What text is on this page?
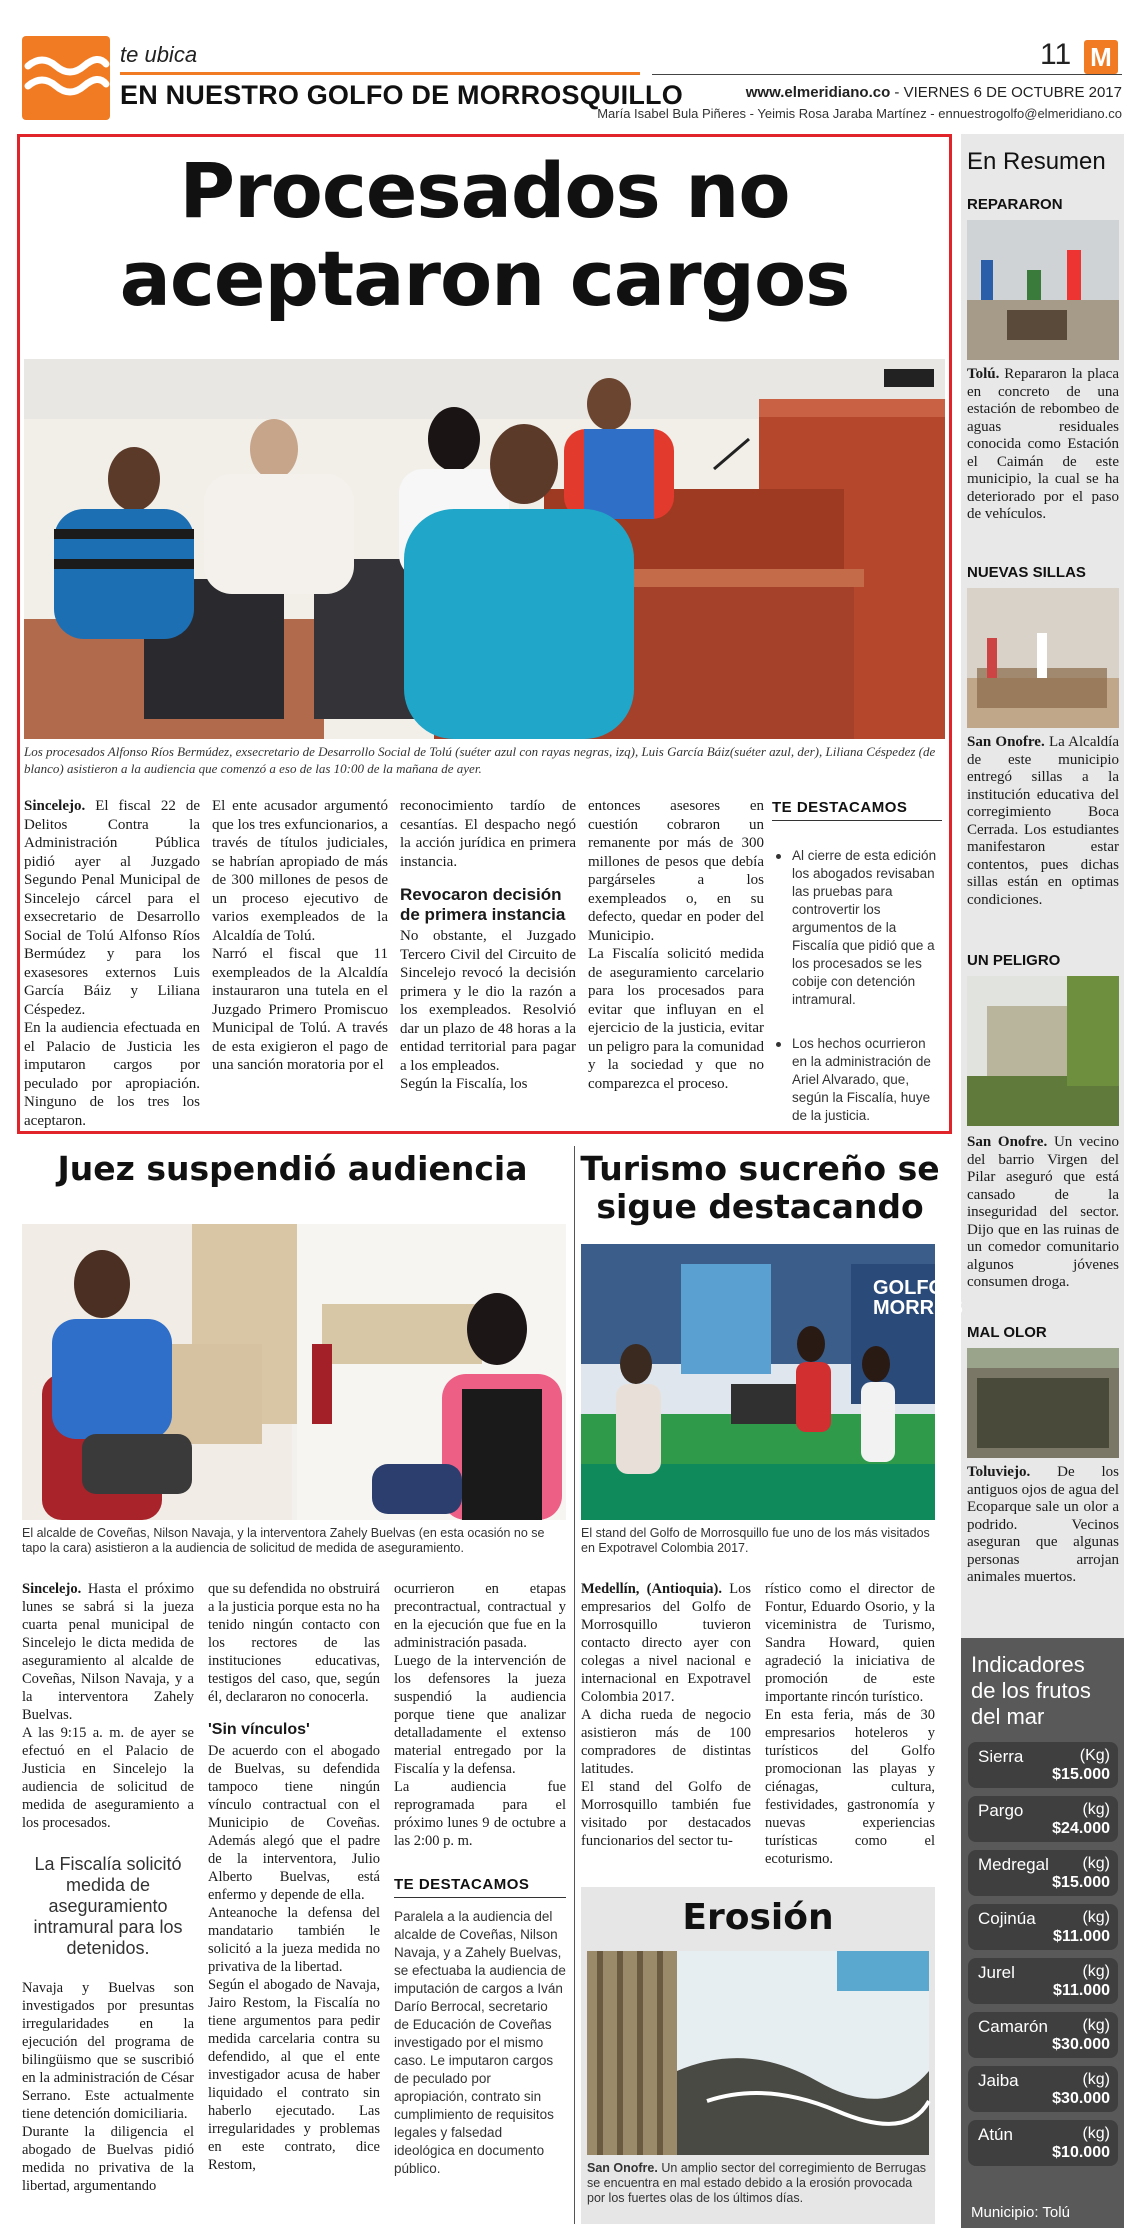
te ubica
EN NUESTRO GOLFO DE MORROSQUILLO
11 M
www.elmeridiano.co - VIERNES 6 DE OCTUBRE 2017
María Isabel Bula Piñeres - Yeimis Rosa Jaraba Martínez - ennuestrogolfo@elmeridiano.co
Procesados no
aceptaron cargos
Los procesados Alfonso Ríos Bermúdez, exsecretario de Desarrollo Social de Tolú (suéter azul con rayas negras, izq), Luis García Báiz(suéter azul, der), Liliana Céspedez (de blanco) asistieron a la audiencia que comenzó a eso de las 10:00 de la mañana de ayer.

Sincelejo. El fiscal 22 de Delitos Contra la Administración Pública pidió ayer al Juzgado Segundo Penal Municipal de Sincelejo cárcel para el exsecretario de Desarrollo Social de Tolú Alfonso Ríos Bermúdez y para los exasesores externos Luis García Báiz y Liliana Céspedez.

En la audiencia efectuada en el Palacio de Justicia les imputaron cargos por peculado por apropiación. Ninguno de los tres los aceptaron.

El ente acusador argumentó que los tres exfuncionarios, a través de títulos judiciales, se habrían apropiado de más de 300 millones de pesos de un proceso ejecutivo de varios exempleados de la Alcaldía de Tolú.

Narró el fiscal que 11 exempleados de la Alcaldía instauraron una tutela en el Juzgado Primero Promiscuo Municipal de Tolú. A través de esta exigieron el pago de una sanción moratoria por el

reconocimiento tardío de cesantías. El despacho negó la acción jurídica en primera instancia.

Revocaron decisión de primera instancia

No obstante, el Juzgado Tercero Civil del Circuito de Sincelejo revocó la decisión primera y le dio la razón a los exempleados. Resolvió dar un plazo de 48 horas a la entidad territorial para pagar a los empleados.

Según la Fiscalía, los

entonces asesores en cuestión cobraron un remanente por más de 300 millones de pesos que debía pargárseles a los exempleados o, en su defecto, quedar en poder del Municipio.

La Fiscalía solicitó medida de aseguramiento carcelario para los procesados para evitar que influyan en el ejercicio de la justicia, evitar un peligro para la comunidad y la sociedad y que no comparezca el proceso.

TE DESTACAMOS
Al cierre de esta edición los abogados revisaban las pruebas para controvertir los argumentos de la Fiscalía que pidió que a los procesados se les cobije con detención intramural.
Los hechos ocurrieron en la administración de Ariel Alvarado, que, según la Fiscalía, huye de la justicia.
En Resumen
REPARARON
Tolú. Repararon la placa en concreto de una estación de rebombeo de aguas residuales conocida como Estación el Caimán de este municipio, la cual se ha deteriorado por el paso de vehículos.
NUEVAS SILLAS
San Onofre. La Alcaldía de este municipio entregó sillas a la institución educativa del corregimiento Boca Cerrada. Los estudiantes manifestaron estar contentos, pues dichas sillas están en optimas condiciones.
UN PELIGRO
San Onofre. Un vecino del barrio Virgen del Pilar aseguró que está cansado de la inseguridad del sector. Dijo que en las ruinas de un comedor comunitario algunos jóvenes consumen droga.
MAL OLOR
Toluviejo. De los antiguos ojos de agua del Ecoparque sale un olor a podrido. Vecinos aseguran que algunas personas arrojan animales muertos.
Indicadores de los frutos del mar
Sierra	(Kg)
$15.000
Pargo	(kg)
$24.000
Medregal (kg)
$15.000
Cojinúa	(kg)
$11.000
Jurel	(kg)
$11.000
Camarón (kg)
$30.000
Jaiba	(kg)
$30.000
Atún	(kg)
$10.000
Municipio: Tolú
Juez suspendió audiencia
El alcalde de Coveñas, Nilson Navaja, y la interventora Zahely Buelvas (en esta ocasión no se tapo la cara) asistieron a la audiencia de solicitud de medida de aseguramiento.

Sincelejo. Hasta el próximo lunes se sabrá si la jueza cuarta penal municipal de Sincelejo le dicta medida de aseguramiento al alcalde de Coveñas, Nilson Navaja, y a la interventora Zahely Buelvas.

A las 9:15 a. m. de ayer se efectuó en el Palacio de Justicia en Sincelejo la audiencia de solicitud de medida de aseguramiento a los procesados.

La Fiscalía solicitó medida de aseguramiento intramural para los detenidos.

Navaja y Buelvas son investigados por presuntas irregularidades en la ejecución del programa de bilingüismo que se suscribió en la administración de César Serrano. Este actualmente tiene detención domiciliaria.

Durante la diligencia el abogado de Buelvas pidió medida no privativa de la libertad, argumentando

que su defendida no obstruirá a la justicia porque esta no ha tenido ningún contacto con los rectores de las instituciones educativas, testigos del caso, que, según él, declararon no conocerla.

'Sin vínculos'

De acuerdo con el abogado de Buelvas, su defendida tampoco tiene ningún vínculo contractual con el Municipio de Coveñas. Además alegó que el padre de la interventora, Julio Alberto Buelvas, está enfermo y depende de ella.

Anteanoche la defensa del mandatario también le solicitó a la jueza medida no privativa de la libertad.

Según el abogado de Navaja, Jairo Restom, la Fiscalía no tiene argumentos para pedir medida carcelaria contra su defendido, al que el ente investigador acusa de haber liquidado el contrato sin haberlo ejecutado. Las irregularidades y problemas en este contrato, dice Restom,

ocurrieron en etapas precontractual, contractual y en la ejecución que fue en la administración pasada.

Luego de la intervención de los defensores la jueza suspendió la audiencia porque tiene que analizar detalladamente el extenso material entregado por la Fiscalía y la defensa.

La audiencia fue reprogramada para el próximo lunes 9 de octubre a las 2:00 p. m.

TE DESTACAMOS
Paralela a la audiencia del alcalde de Coveñas, Nilson Navaja, y a Zahely Buelvas, se efectuaba la audiencia de imputación de cargos a Iván Darío Berrocal, secretario de Educación de Coveñas investigado por el mismo caso. Le imputaron cargos de peculado por apropiación, contrato sin cumplimiento de requisitos legales y falsedad ideológica en documento público.
Turismo sucreño se
sigue destacando
GOLFO
MORROS
El stand del Golfo de Morrosquillo fue uno de los más visitados en Expotravel Colombia 2017.

Medellín, (Antioquia). Los empresarios del Golfo de Morrosquillo tuvieron contacto directo ayer con colegas a nivel nacional e internacional en Expotravel Colombia 2017.

A dicha rueda de negocio asistieron más de 100 compradores de distintas latitudes.

El stand del Golfo de Morrosquillo también fue visitado por destacados funcionarios del sector tu-

rístico como el director de Fontur, Eduardo Osorio, y la viceministra de Turismo, Sandra Howard, quien agradeció la iniciativa de promoción de este importante rincón turístico.

En esta feria, más de 30 empresarios hoteleros y turísticos del Golfo promocionan las playas y ciénagas, cultura, festividades, gastronomía y nuevas experiencias turísticas como el ecoturismo.

Erosión
San Onofre. Un amplio sector del corregimiento de Berrugas se encuentra en mal estado debido a la erosión provocada por los fuertes olas de los últimos días.
